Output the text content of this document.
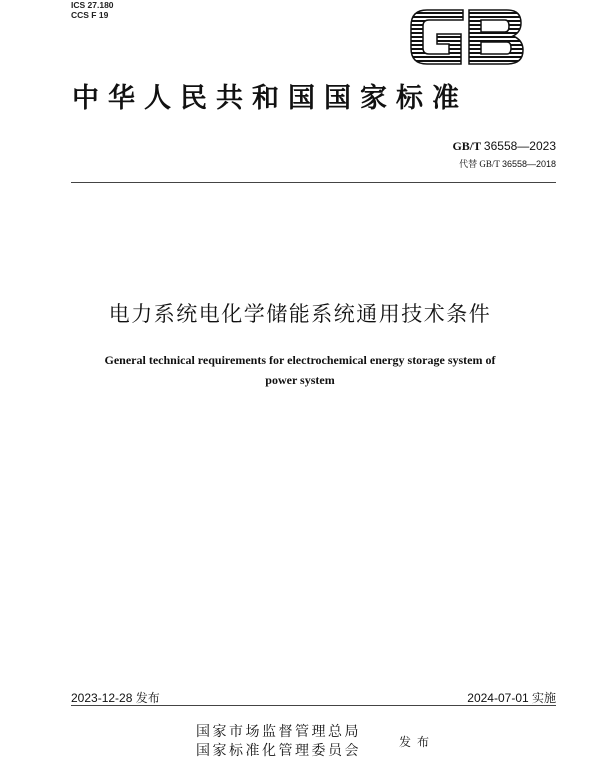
ICS 27.180
CCS F 19
中华人民共和国国家标准
GB/T 36558—2023
代替 GB/T 36558—2018
电力系统电化学储能系统通用技术条件
General technical requirements for electrochemical energy storage system of
power system
2023-12-28 发布	2024-07-01 实施
国家市场监督管理总局
国家标准化管理委员会
发布
